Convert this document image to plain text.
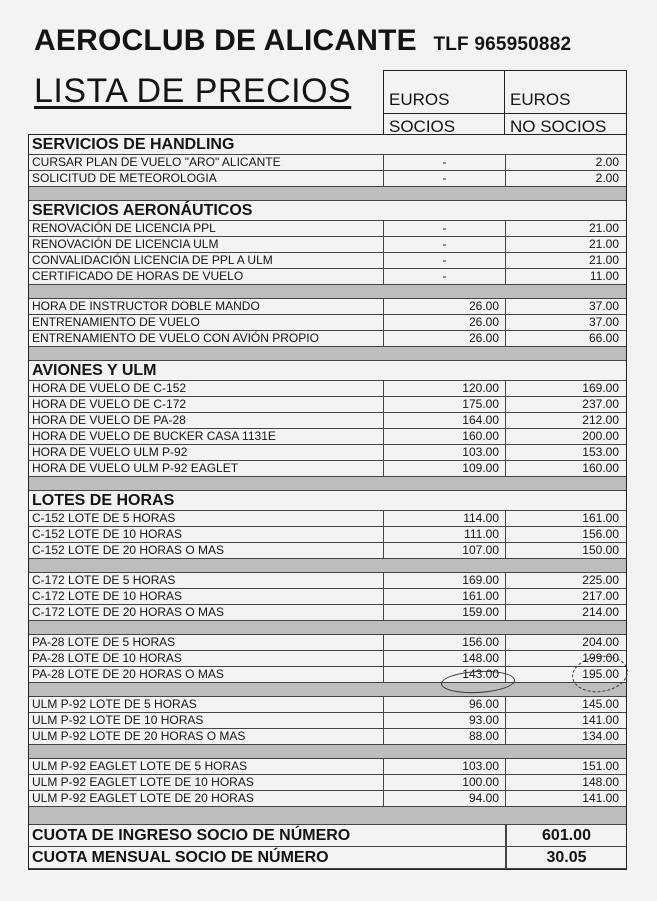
AEROCLUB DE ALICANTE TLF 965950882
LISTA DE PRECIOS EUROS
SOCIOS
EUROS
NO SOCIOS
SERVICIOS DE HANDLING
CURSAR PLAN DE VUELO "ARO" ALICANTE	-	2.00
SOLICITUD DE METEOROLOGIA	-	2.00
SERVICIOS AERONÁUTICOS
RENOVACIÓN DE LICENCIA PPL	-	21.00
RENOVACIÓN DE LICENCIA ULM	-	21.00
CONVALIDACIÓN LICENCIA DE PPL A ULM	-	21.00
CERTIFICADO DE HORAS DE VUELO	-	11.00
HORA DE INSTRUCTOR DOBLE MANDO	26.00	37.00
ENTRENAMIENTO DE VUELO	26.00	37.00
ENTRENAMIENTO DE VUELO CON AVIÓN PROPIO	26.00	66.00
AVIONES Y ULM
HORA DE VUELO DE C-152	120.00	169.00
HORA DE VUELO DE C-172	175.00	237.00
HORA DE VUELO DE PA-28	164.00	212.00
HORA DE VUELO DE BUCKER CASA 1131E	160.00	200.00
HORA DE VUELO ULM P-92	103.00	153.00
HORA DE VUELO ULM P-92 EAGLET	109.00	160.00
LOTES DE HORAS
C-152 LOTE DE 5 HORAS	114.00	161.00
C-152 LOTE DE 10 HORAS	111.00	156.00
C-152 LOTE DE 20 HORAS O MAS	107.00	150.00
C-172 LOTE DE 5 HORAS	169.00	225.00
C-172 LOTE DE 10 HORAS	161.00	217.00
C-172 LOTE DE 20 HORAS O MAS	159.00	214.00
PA-28 LOTE DE 5 HORAS	156.00	204.00
PA-28 LOTE DE 10 HORAS	148.00	199.00
PA-28 LOTE DE 20 HORAS O MAS	143.00	195.00
ULM P-92 LOTE DE 5 HORAS	96.00	145.00
ULM P-92 LOTE DE 10 HORAS	93.00	141.00
ULM P-92 LOTE DE 20 HORAS O MAS	88.00	134.00
ULM P-92 EAGLET LOTE DE 5 HORAS	103.00	151.00
ULM P-92 EAGLET LOTE DE 10 HORAS	100.00	148.00
ULM P-92 EAGLET LOTE DE 20 HORAS	94.00	141.00
CUOTA DE INGRESO SOCIO DE NÚMERO	601.00
CUOTA MENSUAL SOCIO DE NÚMERO	30.05
